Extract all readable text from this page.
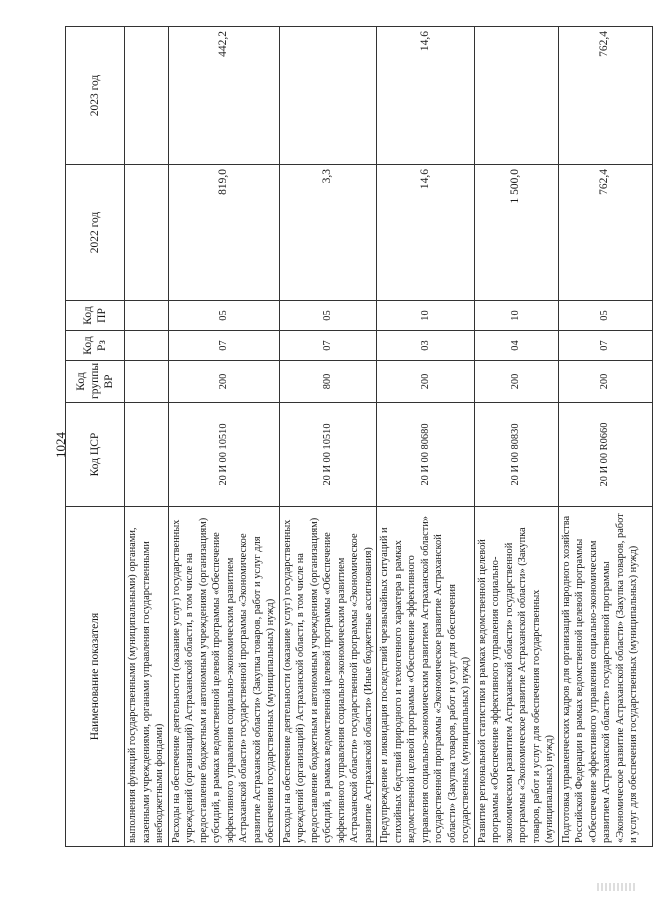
1024
Наименование показателя	Код ЦСР	Код группы ВР	Код Рз	Код ПР	2022 год	2023 год
выполнения функций государственными (муниципальными) органами, казенными учреждениями, органами управления государственными внебюджетными фондами)						
Расходы на обеспечение деятельности (оказание услуг) государственных учреждений (организаций) Астраханской области, в том числе на предоставление бюджетным и автономным учреждениям (организациям) субсидий, в рамках ведомственной целевой программы «Обеспечение эффективного управления социально-экономическим развитием Астраханской области» государственной программы «Экономическое развитие Астраханской области» (Закупка товаров, работ и услуг для обеспечения государственных (муниципальных) нужд)	20 И 00 10510	200	07	05	819,0	442,2
Расходы на обеспечение деятельности (оказание услуг) государственных учреждений (организаций) Астраханской области, в том числе на предоставление бюджетным и автономным учреждениям (организациям) субсидий, в рамках ведомственной целевой программы «Обеспечение эффективного управления социально-экономическим развитием Астраханской области» государственной программы «Экономическое развитие Астраханской области» (Иные бюджетные ассигнования)	20 И 00 10510	800	07	05	3,3	
Предупреждение и ликвидация последствий чрезвычайных ситуаций и стихийных бедствий природного и техногенного характера в рамках ведомственной целевой программы «Обеспечение эффективного управления социально-экономическим развитием Астраханской области» государственной программы «Экономическое развитие Астраханской области» (Закупка товаров, работ и услуг для обеспечения государственных (муниципальных) нужд)	20 И 00 80680	200	03	10	14,6	14,6
Развитие региональной статистики в рамках ведомственной целевой программы «Обеспечение эффективного управления социально-экономическим развитием Астраханской области» государственной программы «Экономическое развитие Астраханской области» (Закупка товаров, работ и услуг для обеспечения государственных (муниципальных) нужд)	20 И 00 80830	200	04	10	1 500,0	
Подготовка управленческих кадров для организаций народного хозяйства Российской Федерации в рамках ведомственной целевой программы «Обеспечение эффективного управления социально-экономическим развитием Астраханской области» государственной программы «Экономическое развитие Астраханской области» (Закупка товаров, работ и услуг для обеспечения государственных (муниципальных) нужд)	20 И 00 R0660	200	07	05	762,4	762,4
